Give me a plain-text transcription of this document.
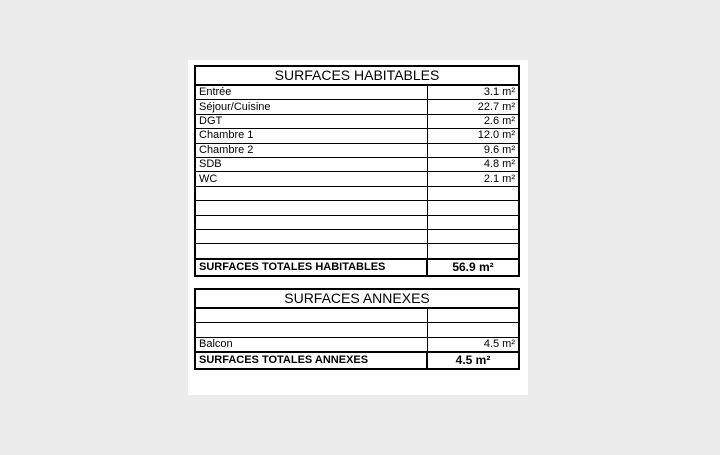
SURFACES HABITABLES	
Entrée	3.1 m²
Séjour/Cuisine	22.7 m²
DGT	2.6 m²
Chambre 1	12.0 m²
Chambre 2	9.6 m²
SDB	4.8 m²
WC	2.1 m²

SURFACES TOTALES HABITABLES	56.9 m²
SURFACES ANNEXES	

Balcon	4.5 m²
SURFACES TOTALES ANNEXES	4.5 m²
